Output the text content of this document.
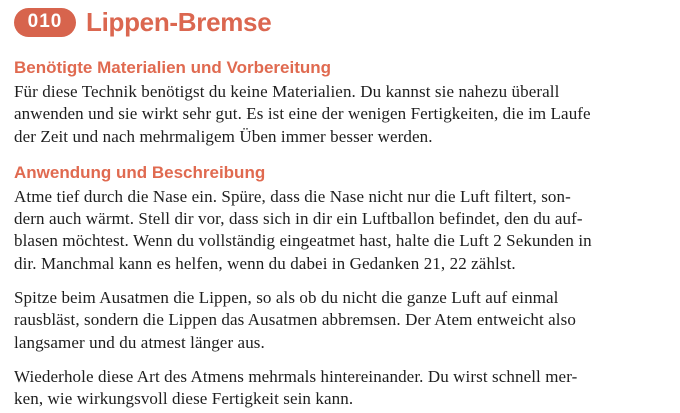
010 Lippen-Bremse
Benötigte Materialien und Vorbereitung
Für diese Technik benötigst du keine Materialien. Du kannst sie nahezu überall
anwenden und sie wirkt sehr gut. Es ist eine der wenigen Fertigkeiten, die im Laufe
der Zeit und nach mehrmaligem Üben immer besser werden.
Anwendung und Beschreibung
Atme tief durch die Nase ein. Spüre, dass die Nase nicht nur die Luft filtert, son-
dern auch wärmt. Stell dir vor, dass sich in dir ein Luftballon befindet, den du auf-
blasen möchtest. Wenn du vollständig eingeatmet hast, halte die Luft 2 Sekunden in
dir. Manchmal kann es helfen, wenn du dabei in Gedanken 21, 22 zählst.
Spitze beim Ausatmen die Lippen, so als ob du nicht die ganze Luft auf einmal
rausbläst, sondern die Lippen das Ausatmen abbremsen. Der Atem entweicht also
langsamer und du atmest länger aus.
Wiederhole diese Art des Atmens mehrmals hintereinander. Du wirst schnell mer-
ken, wie wirkungsvoll diese Fertigkeit sein kann.
